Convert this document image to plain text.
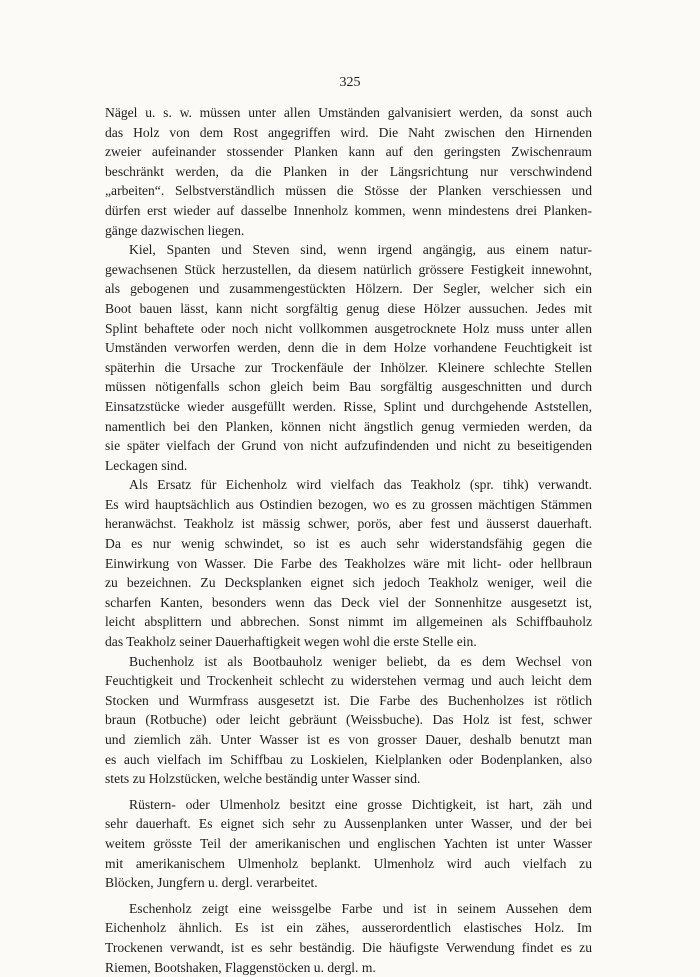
325
Nägel u. s. w. müssen unter allen Umständen galvanisiert werden, da sonst auch
das Holz von dem Rost angegriffen wird. Die Naht zwischen den Hirnenden
zweier aufeinander stossender Planken kann auf den geringsten Zwischenraum
beschränkt werden, da die Planken in der Längsrichtung nur verschwindend
„arbeiten“. Selbstverständlich müssen die Stösse der Planken verschiessen und
dürfen erst wieder auf dasselbe Innenholz kommen, wenn mindestens drei Planken-
gänge dazwischen liegen.
Kiel, Spanten und Steven sind, wenn irgend angängig, aus einem natur-
gewachsenen Stück herzustellen, da diesem natürlich grössere Festigkeit innewohnt,
als gebogenen und zusammengestückten Hölzern. Der Segler, welcher sich ein
Boot bauen lässt, kann nicht sorgfältig genug diese Hölzer aussuchen. Jedes mit
Splint behaftete oder noch nicht vollkommen ausgetrocknete Holz muss unter allen
Umständen verworfen werden, denn die in dem Holze vorhandene Feuchtigkeit ist
späterhin die Ursache zur Trockenfäule der Inhölzer. Kleinere schlechte Stellen
müssen nötigenfalls schon gleich beim Bau sorgfältig ausgeschnitten und durch
Einsatzstücke wieder ausgefüllt werden. Risse, Splint und durchgehende Aststellen,
namentlich bei den Planken, können nicht ängstlich genug vermieden werden, da
sie später vielfach der Grund von nicht aufzufindenden und nicht zu beseitigenden
Leckagen sind.
Als Ersatz für Eichenholz wird vielfach das Teakholz (spr. tihk) verwandt.
Es wird hauptsächlich aus Ostindien bezogen, wo es zu grossen mächtigen Stämmen
heranwächst. Teakholz ist mässig schwer, porös, aber fest und äusserst dauerhaft.
Da es nur wenig schwindet, so ist es auch sehr widerstandsfähig gegen die
Einwirkung von Wasser. Die Farbe des Teakholzes wäre mit licht- oder hellbraun
zu bezeichnen. Zu Decksplanken eignet sich jedoch Teakholz weniger, weil die
scharfen Kanten, besonders wenn das Deck viel der Sonnenhitze ausgesetzt ist,
leicht absplittern und abbrechen. Sonst nimmt im allgemeinen als Schiffbauholz
das Teakholz seiner Dauerhaftigkeit wegen wohl die erste Stelle ein.
Buchenholz ist als Bootbauholz weniger beliebt, da es dem Wechsel von
Feuchtigkeit und Trockenheit schlecht zu widerstehen vermag und auch leicht dem
Stocken und Wurmfrass ausgesetzt ist. Die Farbe des Buchenholzes ist rötlich
braun (Rotbuche) oder leicht gebräunt (Weissbuche). Das Holz ist fest, schwer
und ziemlich zäh. Unter Wasser ist es von grosser Dauer, deshalb benutzt man
es auch vielfach im Schiffbau zu Loskielen, Kielplanken oder Bodenplanken, also
stets zu Holzstücken, welche beständig unter Wasser sind.
Rüstern- oder Ulmenholz besitzt eine grosse Dichtigkeit, ist hart, zäh und
sehr dauerhaft. Es eignet sich sehr zu Aussenplanken unter Wasser, und der bei
weitem grösste Teil der amerikanischen und englischen Yachten ist unter Wasser
mit amerikanischem Ulmenholz beplankt. Ulmenholz wird auch vielfach zu
Blöcken, Jungfern u. dergl. verarbeitet.
Eschenholz zeigt eine weissgelbe Farbe und ist in seinem Aussehen dem
Eichenholz ähnlich. Es ist ein zähes, ausserordentlich elastisches Holz. Im
Trockenen verwandt, ist es sehr beständig. Die häufigste Verwendung findet es zu
Riemen, Bootshaken, Flaggenstöcken u. dergl. m.
